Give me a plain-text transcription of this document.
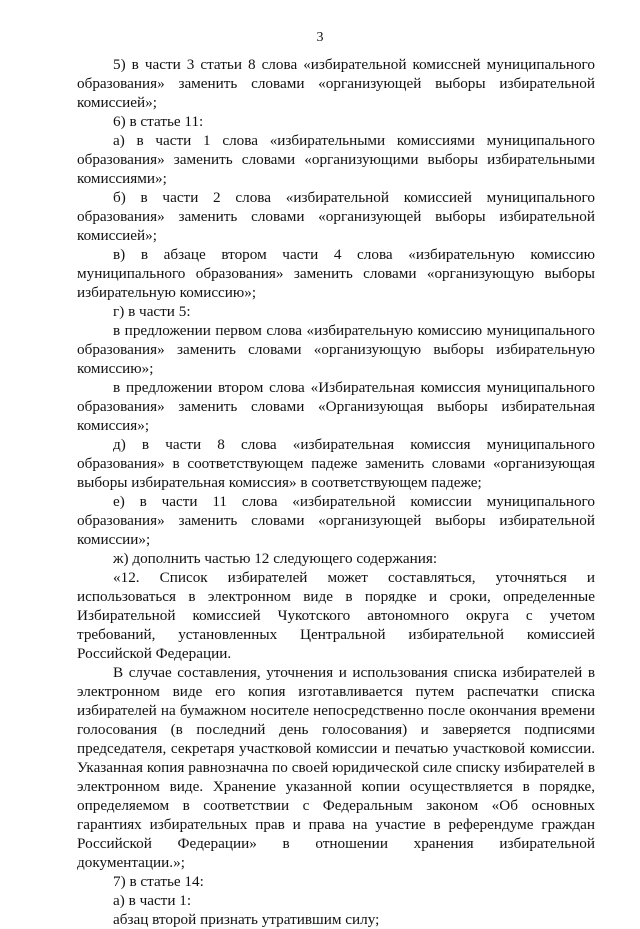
3

5) в части 3 статьи 8 слова «избирательной комиссней муниципального образования» заменить словами «организующей выборы избирательной комиссией»;

6) в статье 11:

а) в части 1 слова «избирательными комиссиями муниципального образования» заменить словами «организующими выборы избирательными комиссиями»;

б) в части 2 слова «избирательной комиссией муниципального образования» заменить словами «организующей выборы избирательной комиссией»;

в) в абзаце втором части 4 слова «избирательную комиссию муниципального образования» заменить словами «организующую выборы избирательную комиссию»;

г) в части 5:

в предложении первом слова «избирательную комиссию муниципального образования» заменить словами «организующую выборы избирательную комиссию»;

в предложении втором слова «Избирательная комиссия муниципального образования» заменить словами «Организующая выборы избирательная комиссия»;

д) в части 8 слова «избирательная комиссия муниципального образования» в соответствующем падеже заменить словами «организующая выборы избирательная комиссия» в соответствующем падеже;

е) в части 11 слова «избирательной комиссии муниципального образования» заменить словами «организующей выборы избирательной комиссии»;

ж) дополнить частью 12 следующего содержания:

«12. Список избирателей может составляться, уточняться и использоваться в электронном виде в порядке и сроки, определенные Избирательной комиссией Чукотского автономного округа с учетом требований, установленных Центральной избирательной комиссией Российской Федерации.

В случае составления, уточнения и использования списка избирателей в электронном виде его копия изготавливается путем распечатки списка избирателей на бумажном носителе непосредственно после окончания времени голосования (в последний день голосования) и заверяется подписями председателя, секретаря участковой комиссии и печатью участковой комиссии. Указанная копия равнозначна по своей юридической силе списку избирателей в электронном виде. Хранение указанной копии осуществляется в порядке, определяемом в соответствии с Федеральным законом «Об основных гарантиях избирательных прав и права на участие в референдуме граждан Российской Федерации» в отношении хранения избирательной документации.»;

7) в статье 14:

а) в части 1:

абзац второй признать утратившим силу;
